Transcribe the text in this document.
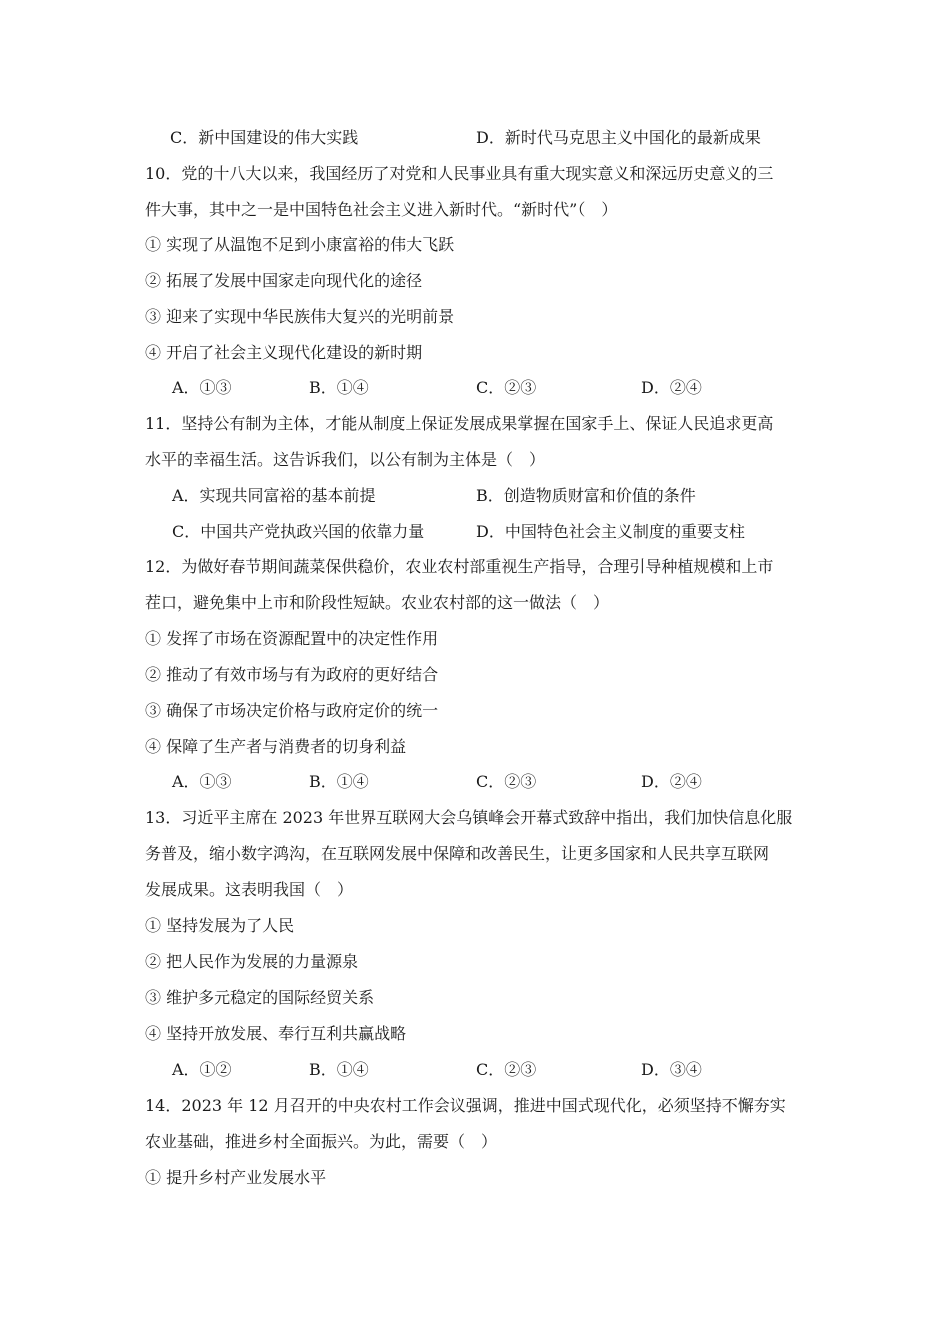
C．新中国建设的伟大实践	D．新时代马克思主义中国化的最新成果
10．党的十八大以来，我国经历了对党和人民事业具有重大现实意义和深远历史意义的三
件大事，其中之一是中国特色社会主义进入新时代。“新时代”（　）
① 实现了从温饱不足到小康富裕的伟大飞跃
② 拓展了发展中国家走向现代化的途径
③ 迎来了实现中华民族伟大复兴的光明前景
④ 开启了社会主义现代化建设的新时期
A．①③	B．①④	C．②③	D．②④
11．坚持公有制为主体，才能从制度上保证发展成果掌握在国家手上、保证人民追求更高
水平的幸福生活。这告诉我们，以公有制为主体是（　）
A．实现共同富裕的基本前提	B．创造物质财富和价值的条件
C．中国共产党执政兴国的依靠力量	D．中国特色社会主义制度的重要支柱
12．为做好春节期间蔬菜保供稳价，农业农村部重视生产指导，合理引导种植规模和上市
茬口，避免集中上市和阶段性短缺。农业农村部的这一做法（　）
① 发挥了市场在资源配置中的决定性作用
② 推动了有效市场与有为政府的更好结合
③ 确保了市场决定价格与政府定价的统一
④ 保障了生产者与消费者的切身利益
A．①③	B．①④	C．②③	D．②④
13．习近平主席在 2023 年世界互联网大会乌镇峰会开幕式致辞中指出，我们加快信息化服
务普及，缩小数字鸿沟，在互联网发展中保障和改善民生，让更多国家和人民共享互联网
发展成果。这表明我国（　）
① 坚持发展为了人民
② 把人民作为发展的力量源泉
③ 维护多元稳定的国际经贸关系
④ 坚持开放发展、奉行互利共赢战略
A．①②	B．①④	C．②③	D．③④
14．2023 年 12 月召开的中央农村工作会议强调，推进中国式现代化，必须坚持不懈夯实
农业基础，推进乡村全面振兴。为此，需要（　）
① 提升乡村产业发展水平
